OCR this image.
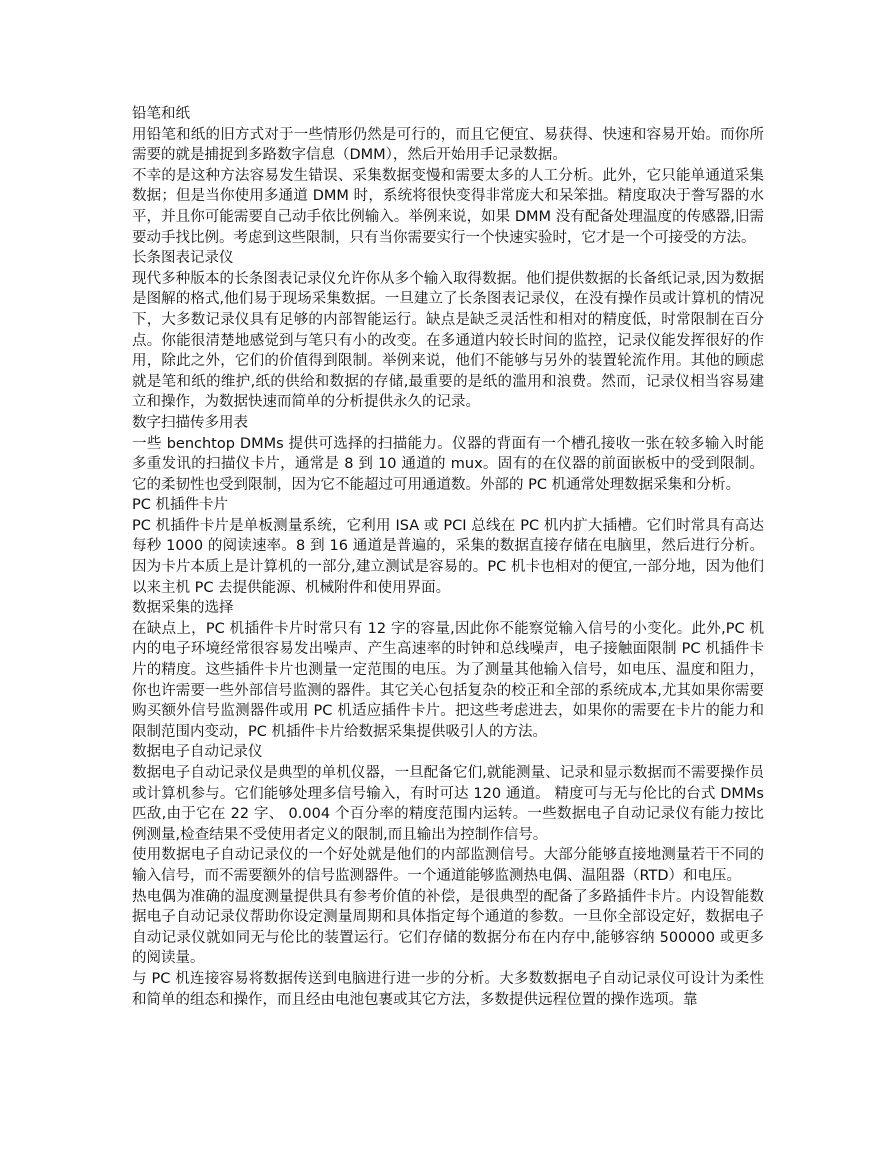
铅笔和纸

用铅笔和纸的旧方式对于一些情形仍然是可行的，而且它便宜、易获得、快速和容易开始。而你所需要的就是捕捉到多路数字信息（DMM），然后开始用手记录数据。

不幸的是这种方法容易发生错误、采集数据变慢和需要太多的人工分析。此外，它只能单通道采集数据；但是当你使用多通道 DMM 时，系统将很快变得非常庞大和呆笨拙。精度取决于誊写器的水平，并且你可能需要自己动手依比例输入。举例来说，如果 DMM 没有配备处理温度的传感器,旧需要动手找比例。考虑到这些限制，只有当你需要实行一个快速实验时，它才是一个可接受的方法。

长条图表记录仪

现代多种版本的长条图表记录仪允许你从多个输入取得数据。他们提供数据的长备纸记录,因为数据是图解的格式,他们易于现场采集数据。一旦建立了长条图表记录仪，在没有操作员或计算机的情况下，大多数记录仪具有足够的内部智能运行。缺点是缺乏灵活性和相对的精度低，时常限制在百分点。你能很清楚地感觉到与笔只有小的改变。在多通道内较长时间的监控，记录仪能发挥很好的作用，除此之外，它们的价值得到限制。举例来说，他们不能够与另外的装置轮流作用。其他的顾虑就是笔和纸的维护,纸的供给和数据的存储,最重要的是纸的滥用和浪费。然而，记录仪相当容易建立和操作，为数据快速而简单的分析提供永久的记录。

数字扫描传多用表

一些 benchtop DMMs 提供可选择的扫描能力。仪器的背面有一个槽孔接收一张在较多输入时能多重发讯的扫描仪卡片，通常是 8 到 10 通道的 mux。固有的在仪器的前面嵌板中的受到限制。它的柔韧性也受到限制，因为它不能超过可用通道数。外部的 PC 机通常处理数据采集和分析。

PC 机插件卡片

PC 机插件卡片是单板测量系统，它利用 ISA 或 PCI 总线在 PC 机内扩大插槽。它们时常具有高达每秒 1000 的阅读速率。8 到 16 通道是普遍的，采集的数据直接存储在电脑里，然后进行分析。因为卡片本质上是计算机的一部分,建立测试是容易的。PC 机卡也相对的便宜,一部分地，因为他们以来主机 PC 去提供能源、机械附件和使用界面。

数据采集的选择

在缺点上，PC 机插件卡片时常只有 12 字的容量,因此你不能察觉输入信号的小变化。此外,PC 机内的电子环境经常很容易发出噪声、产生高速率的时钟和总线噪声，电子接触面限制 PC 机插件卡片的精度。这些插件卡片也测量一定范围的电压。为了测量其他输入信号，如电压、温度和阻力，你也许需要一些外部信号监测的器件。其它关心包括复杂的校正和全部的系统成本,尤其如果你需要购买额外信号监测器件或用 PC 机适应插件卡片。把这些考虑进去，如果你的需要在卡片的能力和限制范围内变动，PC 机插件卡片给数据采集提供吸引人的方法。

数据电子自动记录仪

数据电子自动记录仪是典型的单机仪器，一旦配备它们,就能测量、记录和显示数据而不需要操作员或计算机参与。它们能够处理多信号输入，有时可达 120 通道。 精度可与无与伦比的台式 DMMs 匹敌,由于它在 22 字、 0.004 个百分率的精度范围内运转。一些数据电子自动记录仪有能力按比例测量,检查结果不受使用者定义的限制,而且输出为控制作信号。

使用数据电子自动记录仪的一个好处就是他们的内部监测信号。大部分能够直接地测量若干不同的输入信号，而不需要额外的信号监测器件。一个通道能够监测热电偶、温阻器（RTD）和电压。

热电偶为准确的温度测量提供具有参考价值的补偿，是很典型的配备了多路插件卡片。内设智能数据电子自动记录仪帮助你设定测量周期和具体指定每个通道的参数。一旦你全部设定好，数据电子自动记录仪就如同无与伦比的装置运行。它们存储的数据分布在内存中,能够容纳 500000 或更多的阅读量。

与 PC 机连接容易将数据传送到电脑进行进一步的分析。大多数数据电子自动记录仪可设计为柔性和简单的组态和操作，而且经由电池包裹或其它方法，多数提供远程位置的操作选项。靠
